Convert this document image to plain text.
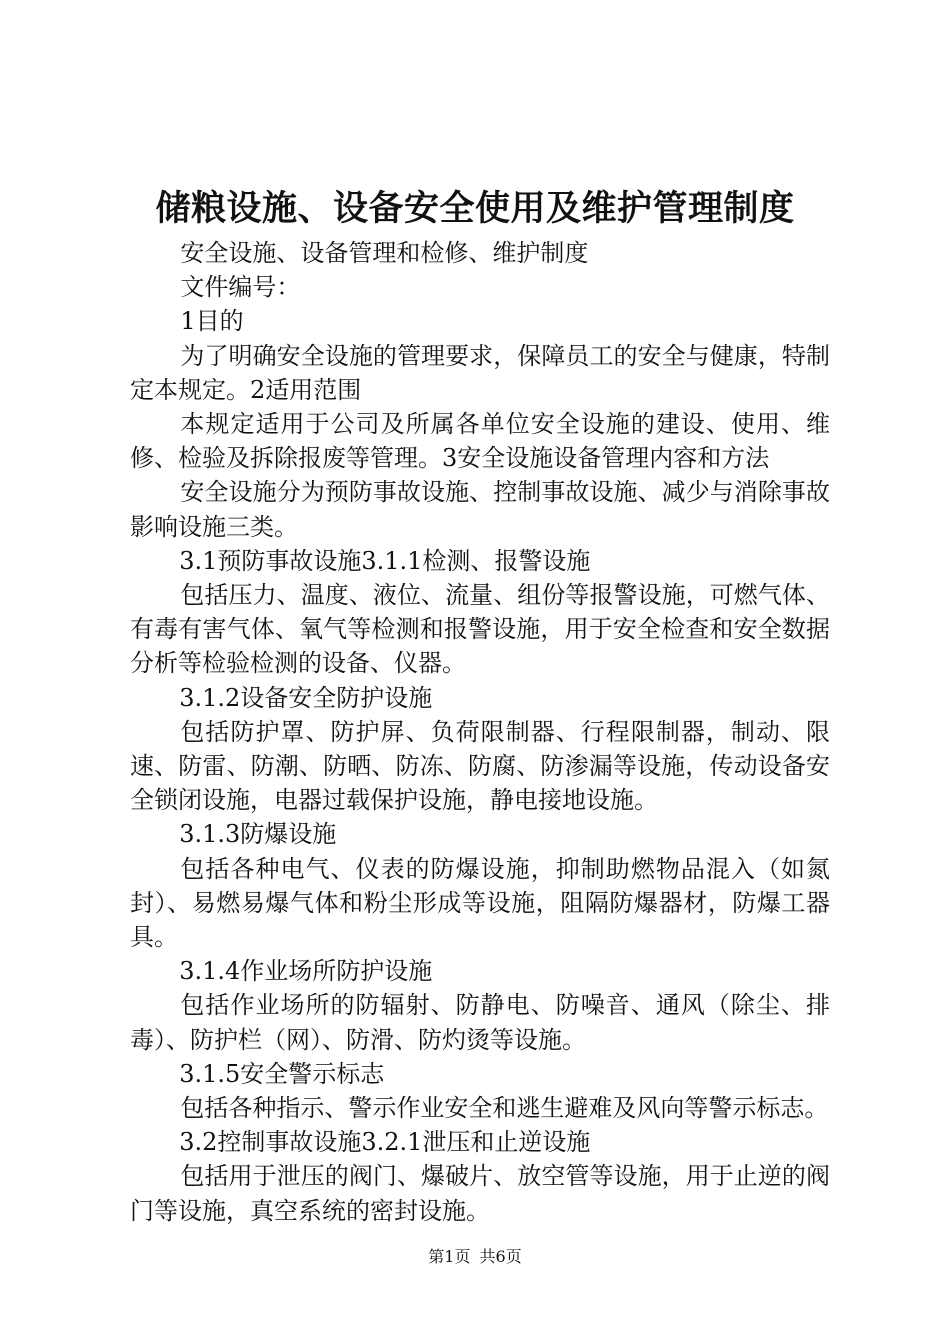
储粮设施、设备安全使用及维护管理制度

安全设施、设备管理和检修、维护制度

文件编号：

1目的

为了明确安全设施的管理要求，保障员工的安全与健康，特制定本规定。2适用范围

本规定适用于公司及所属各单位安全设施的建设、使用、维修、检验及拆除报废等管理。3安全设施设备管理内容和方法

安全设施分为预防事故设施、控制事故设施、减少与消除事故影响设施三类。

3.1预防事故设施3.1.1检测、报警设施

包括压力、温度、液位、流量、组份等报警设施，可燃气体、有毒有害气体、氧气等检测和报警设施，用于安全检查和安全数据分析等检验检测的设备、仪器。

3.1.2设备安全防护设施

包括防护罩、防护屏、负荷限制器、行程限制器，制动、限速、防雷、防潮、防晒、防冻、防腐、防渗漏等设施，传动设备安全锁闭设施，电器过载保护设施，静电接地设施。

3.1.3防爆设施

包括各种电气、仪表的防爆设施，抑制助燃物品混入（如氮封）、易燃易爆气体和粉尘形成等设施，阻隔防爆器材，防爆工器具。

3.1.4作业场所防护设施

包括作业场所的防辐射、防静电、防噪音、通风（除尘、排毒）、防护栏（网）、防滑、防灼烫等设施。

3.1.5安全警示标志

包括各种指示、警示作业安全和逃生避难及风向等警示标志。

3.2控制事故设施3.2.1泄压和止逆设施

包括用于泄压的阀门、爆破片、放空管等设施，用于止逆的阀门等设施，真空系统的密封设施。

第1页 共6页
